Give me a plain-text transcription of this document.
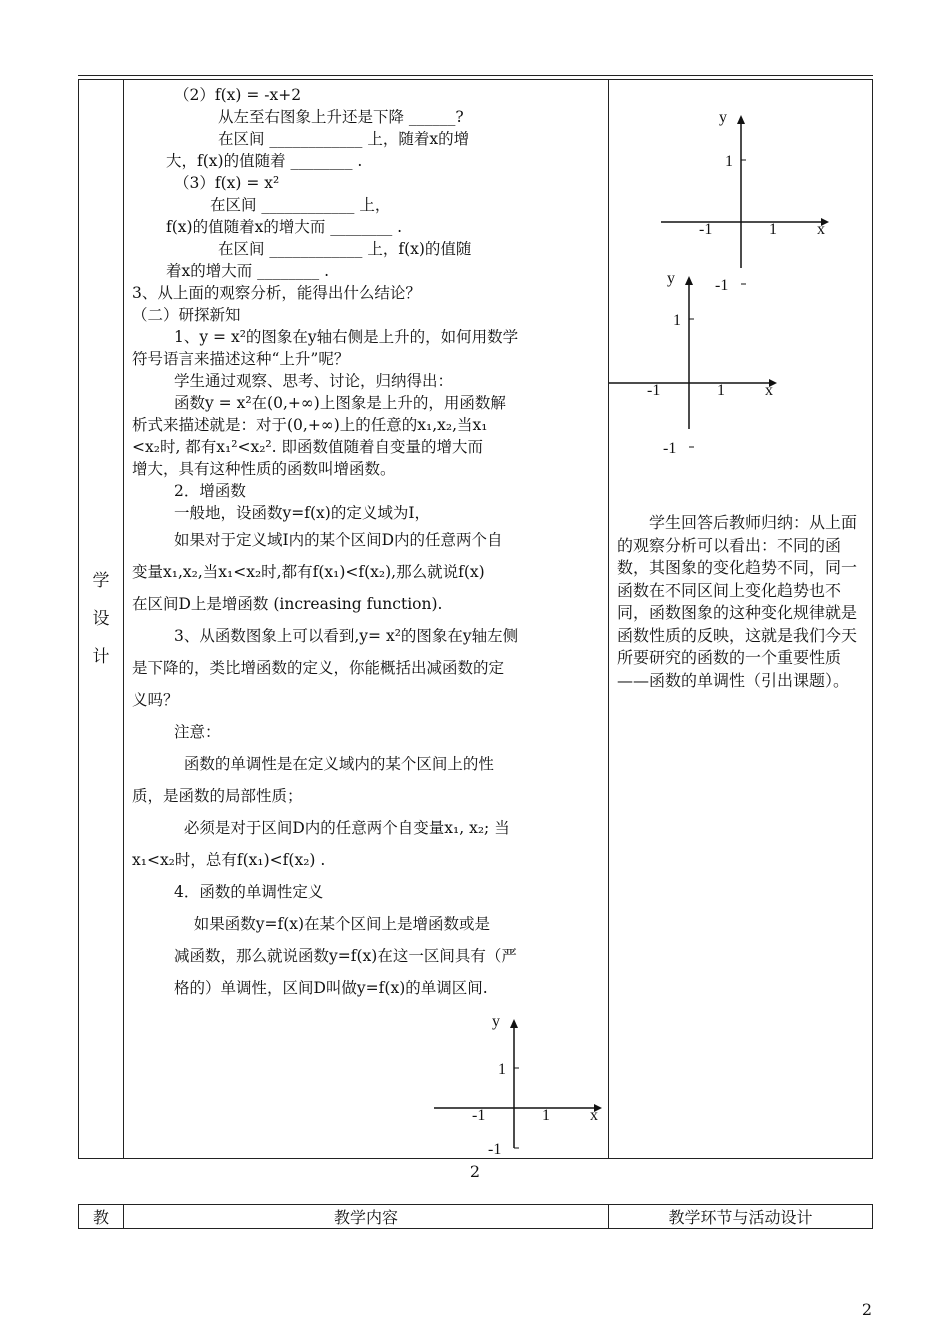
学
设
计

（2）f(x) = -x+2
从左至右图象上升还是下降 ______?
在区间 ____________ 上，随着x的增
大，f(x)的值随着 ________ .
（3）f(x) = x²
在区间 ____________ 上，
f(x)的值随着x的增大而 ________ .
在区间 ____________ 上，f(x)的值随
着x的增大而 ________ .
3、从上面的观察分析，能得出什么结论？
（二）研探新知
1、y = x²的图象在y轴右侧是上升的，如何用数学
符号语言来描述这种“上升”呢？
学生通过观察、思考、讨论，归纳得出：
函数y = x²在(0,+∞)上图象是上升的，用函数解
析式来描述就是：对于(0,+∞)上的任意的x₁,x₂,当x₁
<x₂时, 都有x₁²<x₂². 即函数值随着自变量的增大而
增大，具有这种性质的函数叫增函数。
2．增函数
一般地，设函数y=f(x)的定义域为I，
如果对于定义域I内的某个区间D内的任意两个自
变量x₁,x₂,当x₁<x₂时,都有f(x₁)<f(x₂),那么就说f(x)
在区间D上是增函数 (increasing function).
3、从函数图象上可以看到,y= x²的图象在y轴左侧
是下降的，类比增函数的定义，你能概括出减函数的定
义吗？
注意：
函数的单调性是在定义域内的某个区间上的性
质，是函数的局部性质；
必须是对于区间D内的任意两个自变量x₁, x₂; 当
x₁<x₂时，总有f(x₁)<f(x₂) .
4．函数的单调性定义
如果函数y=f(x)在某个区间上是增函数或是
减函数，那么就说函数y=f(x)在这一区间具有（严
格的）单调性，区间D叫做y=f(x)的单调区间.
y
x
1
-1
-1	1

y
x
1
-1
-1	1
y
x
1
-1
-1	1
学生回答后教师归纳：从上面的观察分析可以看出：不同的函数，其图象的变化趋势不同，同一函数在不同区间上变化趋势也不同，函数图象的这种变化规律就是函数性质的反映，这就是我们今天所要研究的函数的一个重要性质——函数的单调性（引出课题）。
2
教	教学内容	教学环节与活动设计
2
